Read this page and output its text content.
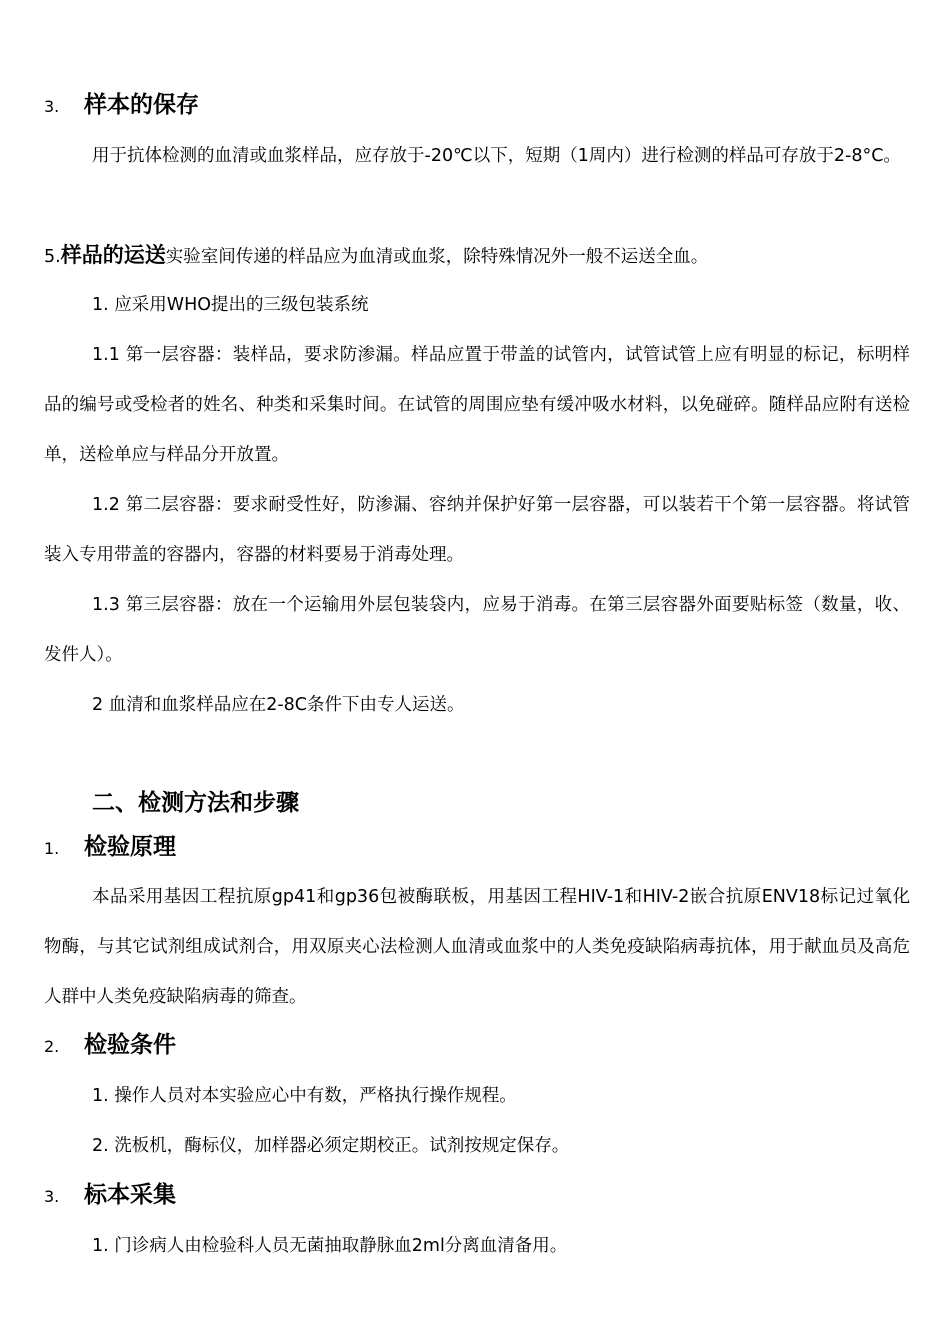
3. 样本的保存

用于抗体检测的血清或血浆样品，应存放于-20℃以下，短期（1周内）进行检测的样品可存放于2-8°C。

5.样品的运送实验室间传递的样品应为血清或血浆，除特殊情况外一般不运送全血。

1. 应采用WHO提出的三级包装系统

1.1 第一层容器：装样品，要求防渗漏。样品应置于带盖的试管内，试管试管上应有明显的标记，标明样品的编号或受检者的姓名、种类和采集时间。在试管的周围应垫有缓冲吸水材料，以免碰碎。随样品应附有送检单，送检单应与样品分开放置。

1.2 第二层容器：要求耐受性好，防渗漏、容纳并保护好第一层容器，可以装若干个第一层容器。将试管装入专用带盖的容器内，容器的材料要易于消毒处理。

1.3 第三层容器：放在一个运输用外层包装袋内，应易于消毒。在第三层容器外面要贴标签（数量，收、发件人）。

2 血清和血浆样品应在2-8C条件下由专人运送。

二、检测方法和步骤
1. 检验原理

本品采用基因工程抗原gp41和gp36包被酶联板，用基因工程HIV-1和HIV-2嵌合抗原ENV18标记过氧化物酶，与其它试剂组成试剂合，用双原夹心法检测人血清或血浆中的人类免疫缺陷病毒抗体，用于献血员及高危人群中人类免疫缺陷病毒的筛查。

2. 检验条件

1. 操作人员对本实验应心中有数，严格执行操作规程。

2. 洗板机，酶标仪，加样器必须定期校正。试剂按规定保存。

3. 标本采集

1. 门诊病人由检验科人员无菌抽取静脉血2ml分离血清备用。
